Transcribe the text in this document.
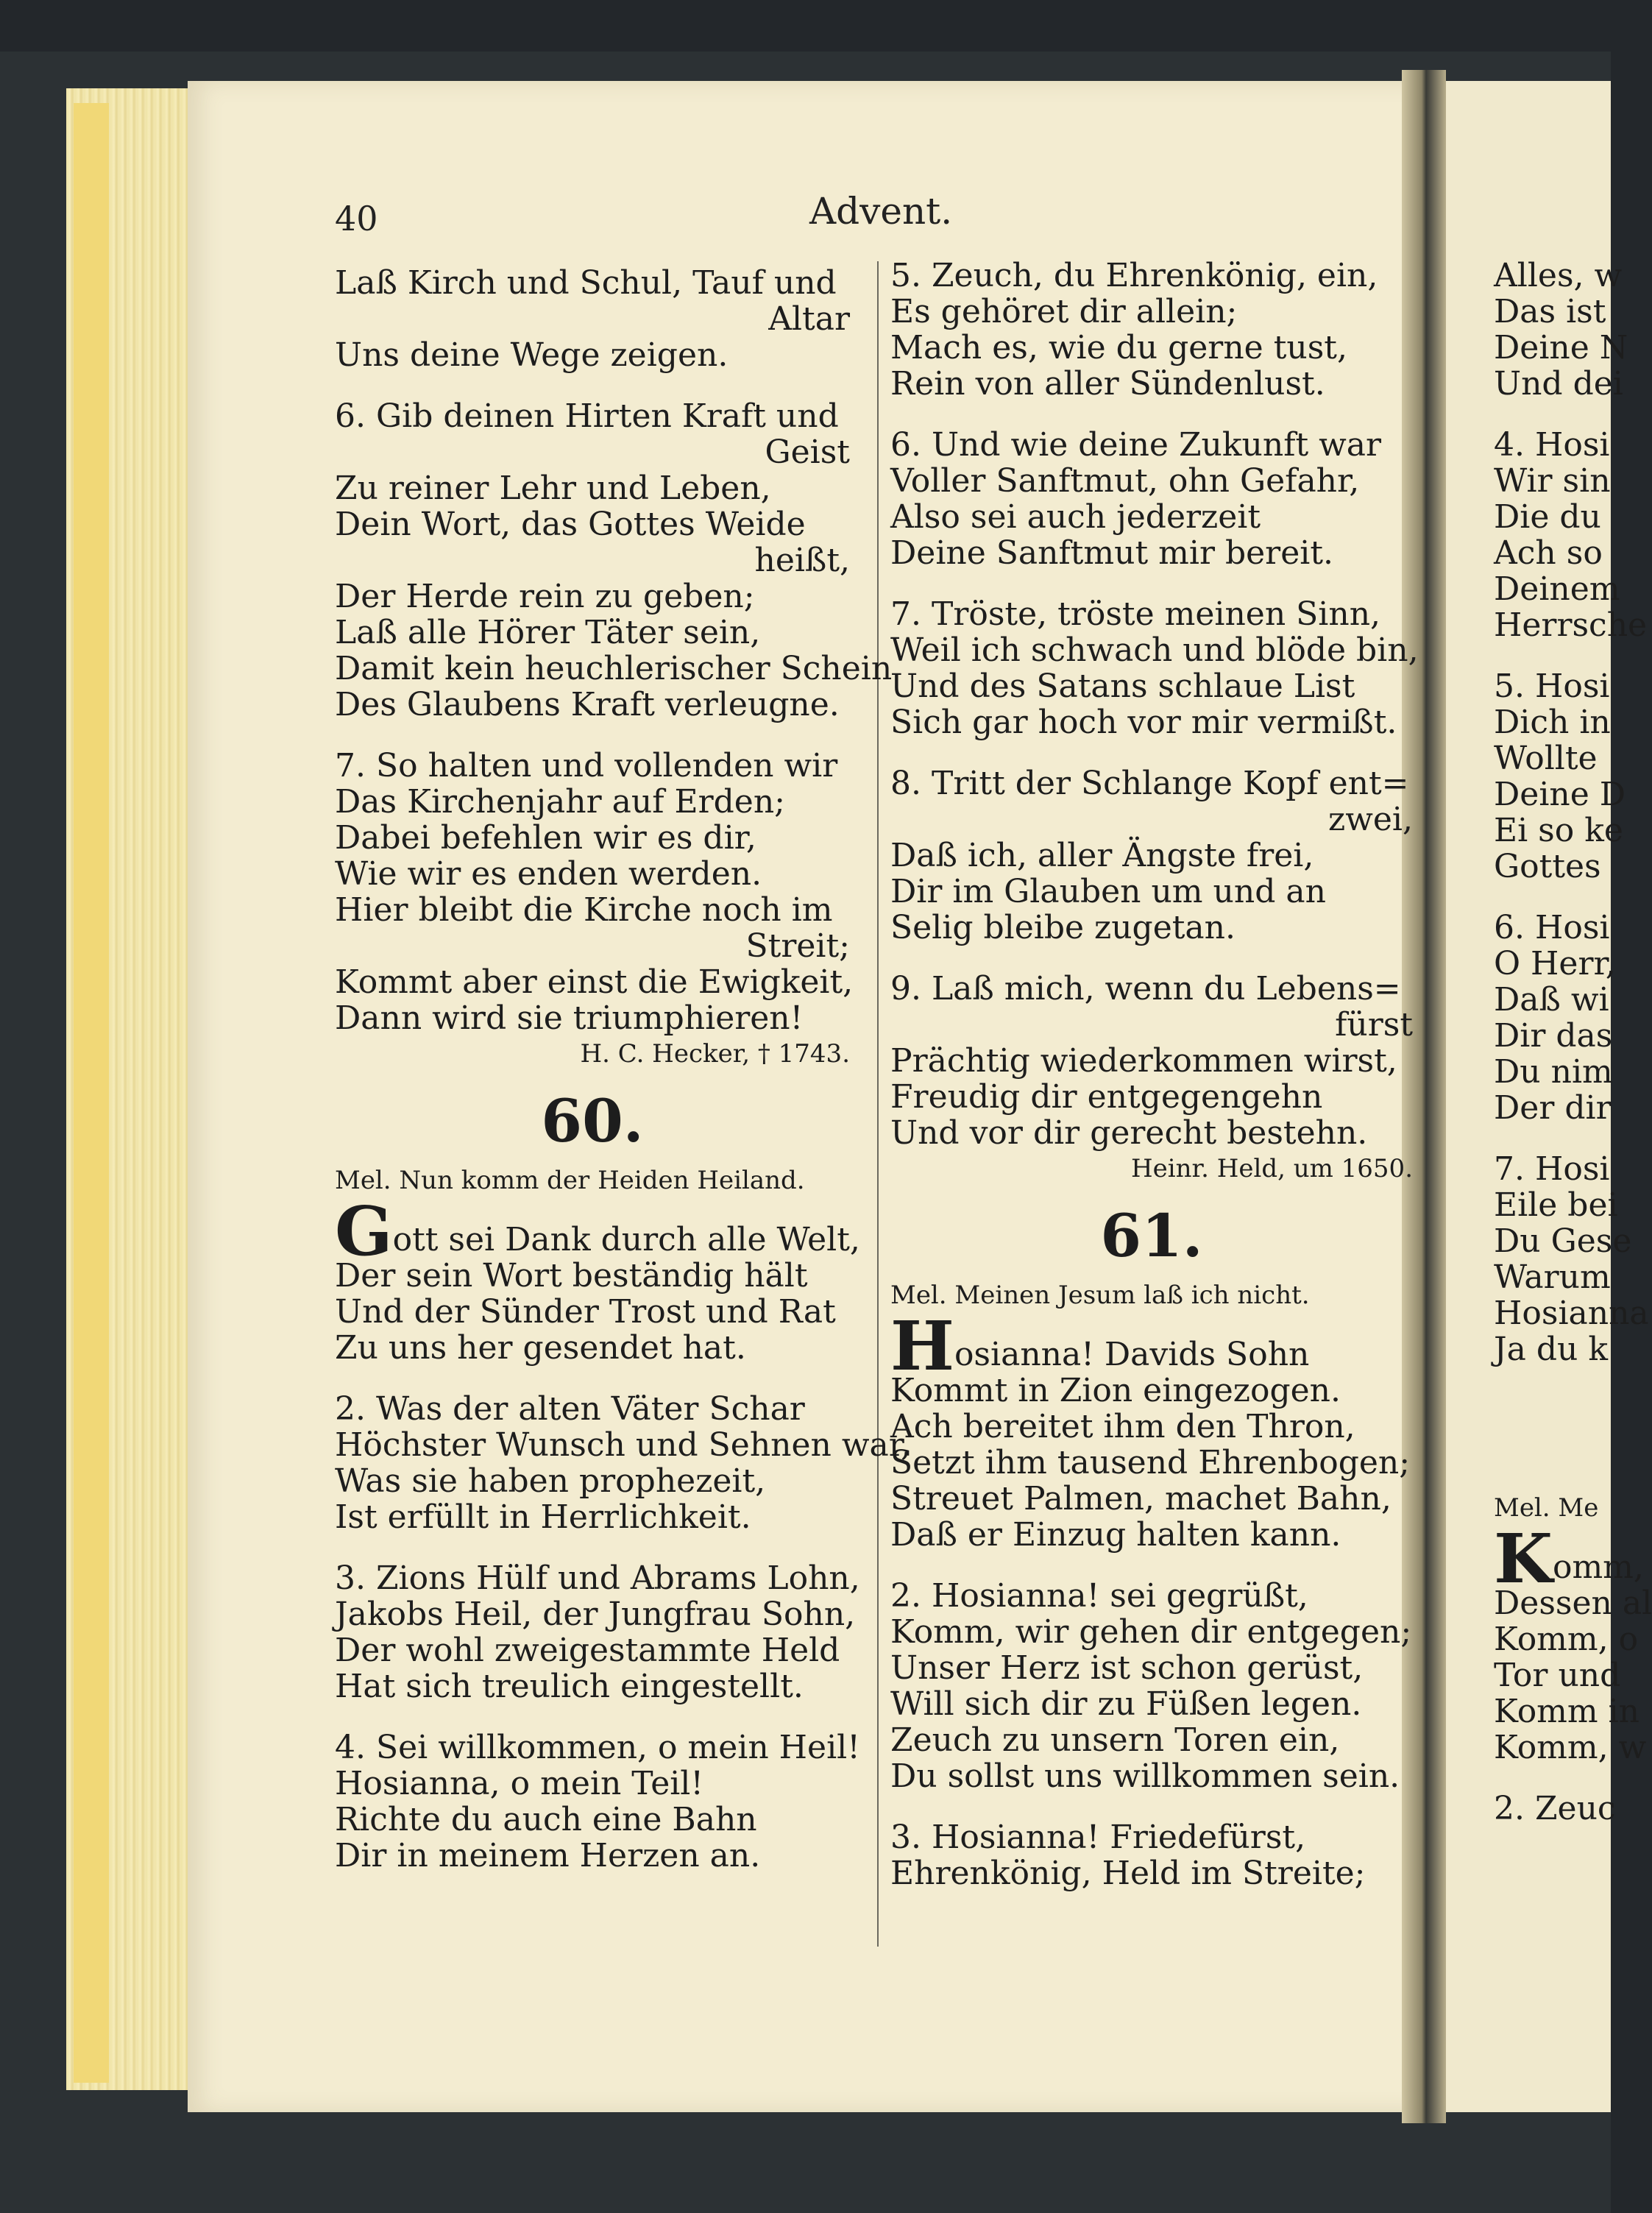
40	Advent.
Laß Kirch und Schul, Tauf und
Altar
Uns deine Wege zeigen.
6. Gib deinen Hirten Kraft und
Geist
Zu reiner Lehr und Leben,
Dein Wort, das Gottes Weide
heißt,
Der Herde rein zu geben;
Laß alle Hörer Täter sein,
Damit kein heuchlerischer Schein
Des Glaubens Kraft verleugne.
7. So halten und vollenden wir
Das Kirchenjahr auf Erden;
Dabei befehlen wir es dir,
Wie wir es enden werden.
Hier bleibt die Kirche noch im
Streit;
Kommt aber einst die Ewigkeit,
Dann wird sie triumphieren!
H. C. Hecker, † 1743.
60.
Mel. Nun komm der Heiden Heiland.
Gott sei Dank durch alle Welt,
Der sein Wort beständig hält
Und der Sünder Trost und Rat
Zu uns her gesendet hat.
2. Was der alten Väter Schar
Höchster Wunsch und Sehnen war,
Was sie haben prophezeit,
Ist erfüllt in Herrlichkeit.
3. Zions Hülf und Abrams Lohn,
Jakobs Heil, der Jungfrau Sohn,
Der wohl zweigestammte Held
Hat sich treulich eingestellt.
4. Sei willkommen, o mein Heil!
Hosianna, o mein Teil!
Richte du auch eine Bahn
Dir in meinem Herzen an.
5. Zeuch, du Ehrenkönig, ein,
Es gehöret dir allein;
Mach es, wie du gerne tust,
Rein von aller Sündenlust.
6. Und wie deine Zukunft war
Voller Sanftmut, ohn Gefahr,
Also sei auch jederzeit
Deine Sanftmut mir bereit.
7. Tröste, tröste meinen Sinn,
Weil ich schwach und blöde bin,
Und des Satans schlaue List
Sich gar hoch vor mir vermißt.
8. Tritt der Schlange Kopf ent=
zwei,
Daß ich, aller Ängste frei,
Dir im Glauben um und an
Selig bleibe zugetan.
9. Laß mich, wenn du Lebens=
fürst
Prächtig wiederkommen wirst,
Freudig dir entgegengehn
Und vor dir gerecht bestehn.
Heinr. Held, um 1650.
61.
Mel. Meinen Jesum laß ich nicht.
Hosianna! Davids Sohn
Kommt in Zion eingezogen.
Ach bereitet ihm den Thron,
Setzt ihm tausend Ehrenbogen;
Streuet Palmen, machet Bahn,
Daß er Einzug halten kann.
2. Hosianna! sei gegrüßt,
Komm, wir gehen dir entgegen;
Unser Herz ist schon gerüst,
Will sich dir zu Füßen legen.
Zeuch zu unsern Toren ein,
Du sollst uns willkommen sein.
3. Hosianna! Friedefürst,
Ehrenkönig, Held im Streite;
Alles, w
Das ist
Deine N
Und dei
4. Hosi
Wir sin
Die du
Ach so
Deinem
Herrsche
5. Hosi
Dich in
Wollte
Deine D
Ei so ke
Gottes
6. Hosi
O Herr,
Daß wi
Dir das
Du nim
Der dir
7. Hosi
Eile bei
Du Gese
Warum
Hosianna
Ja du k
Mel. Me
Komm,
Dessen al
Komm, o
Tor und
Komm in
Komm, w
2. Zeuc
